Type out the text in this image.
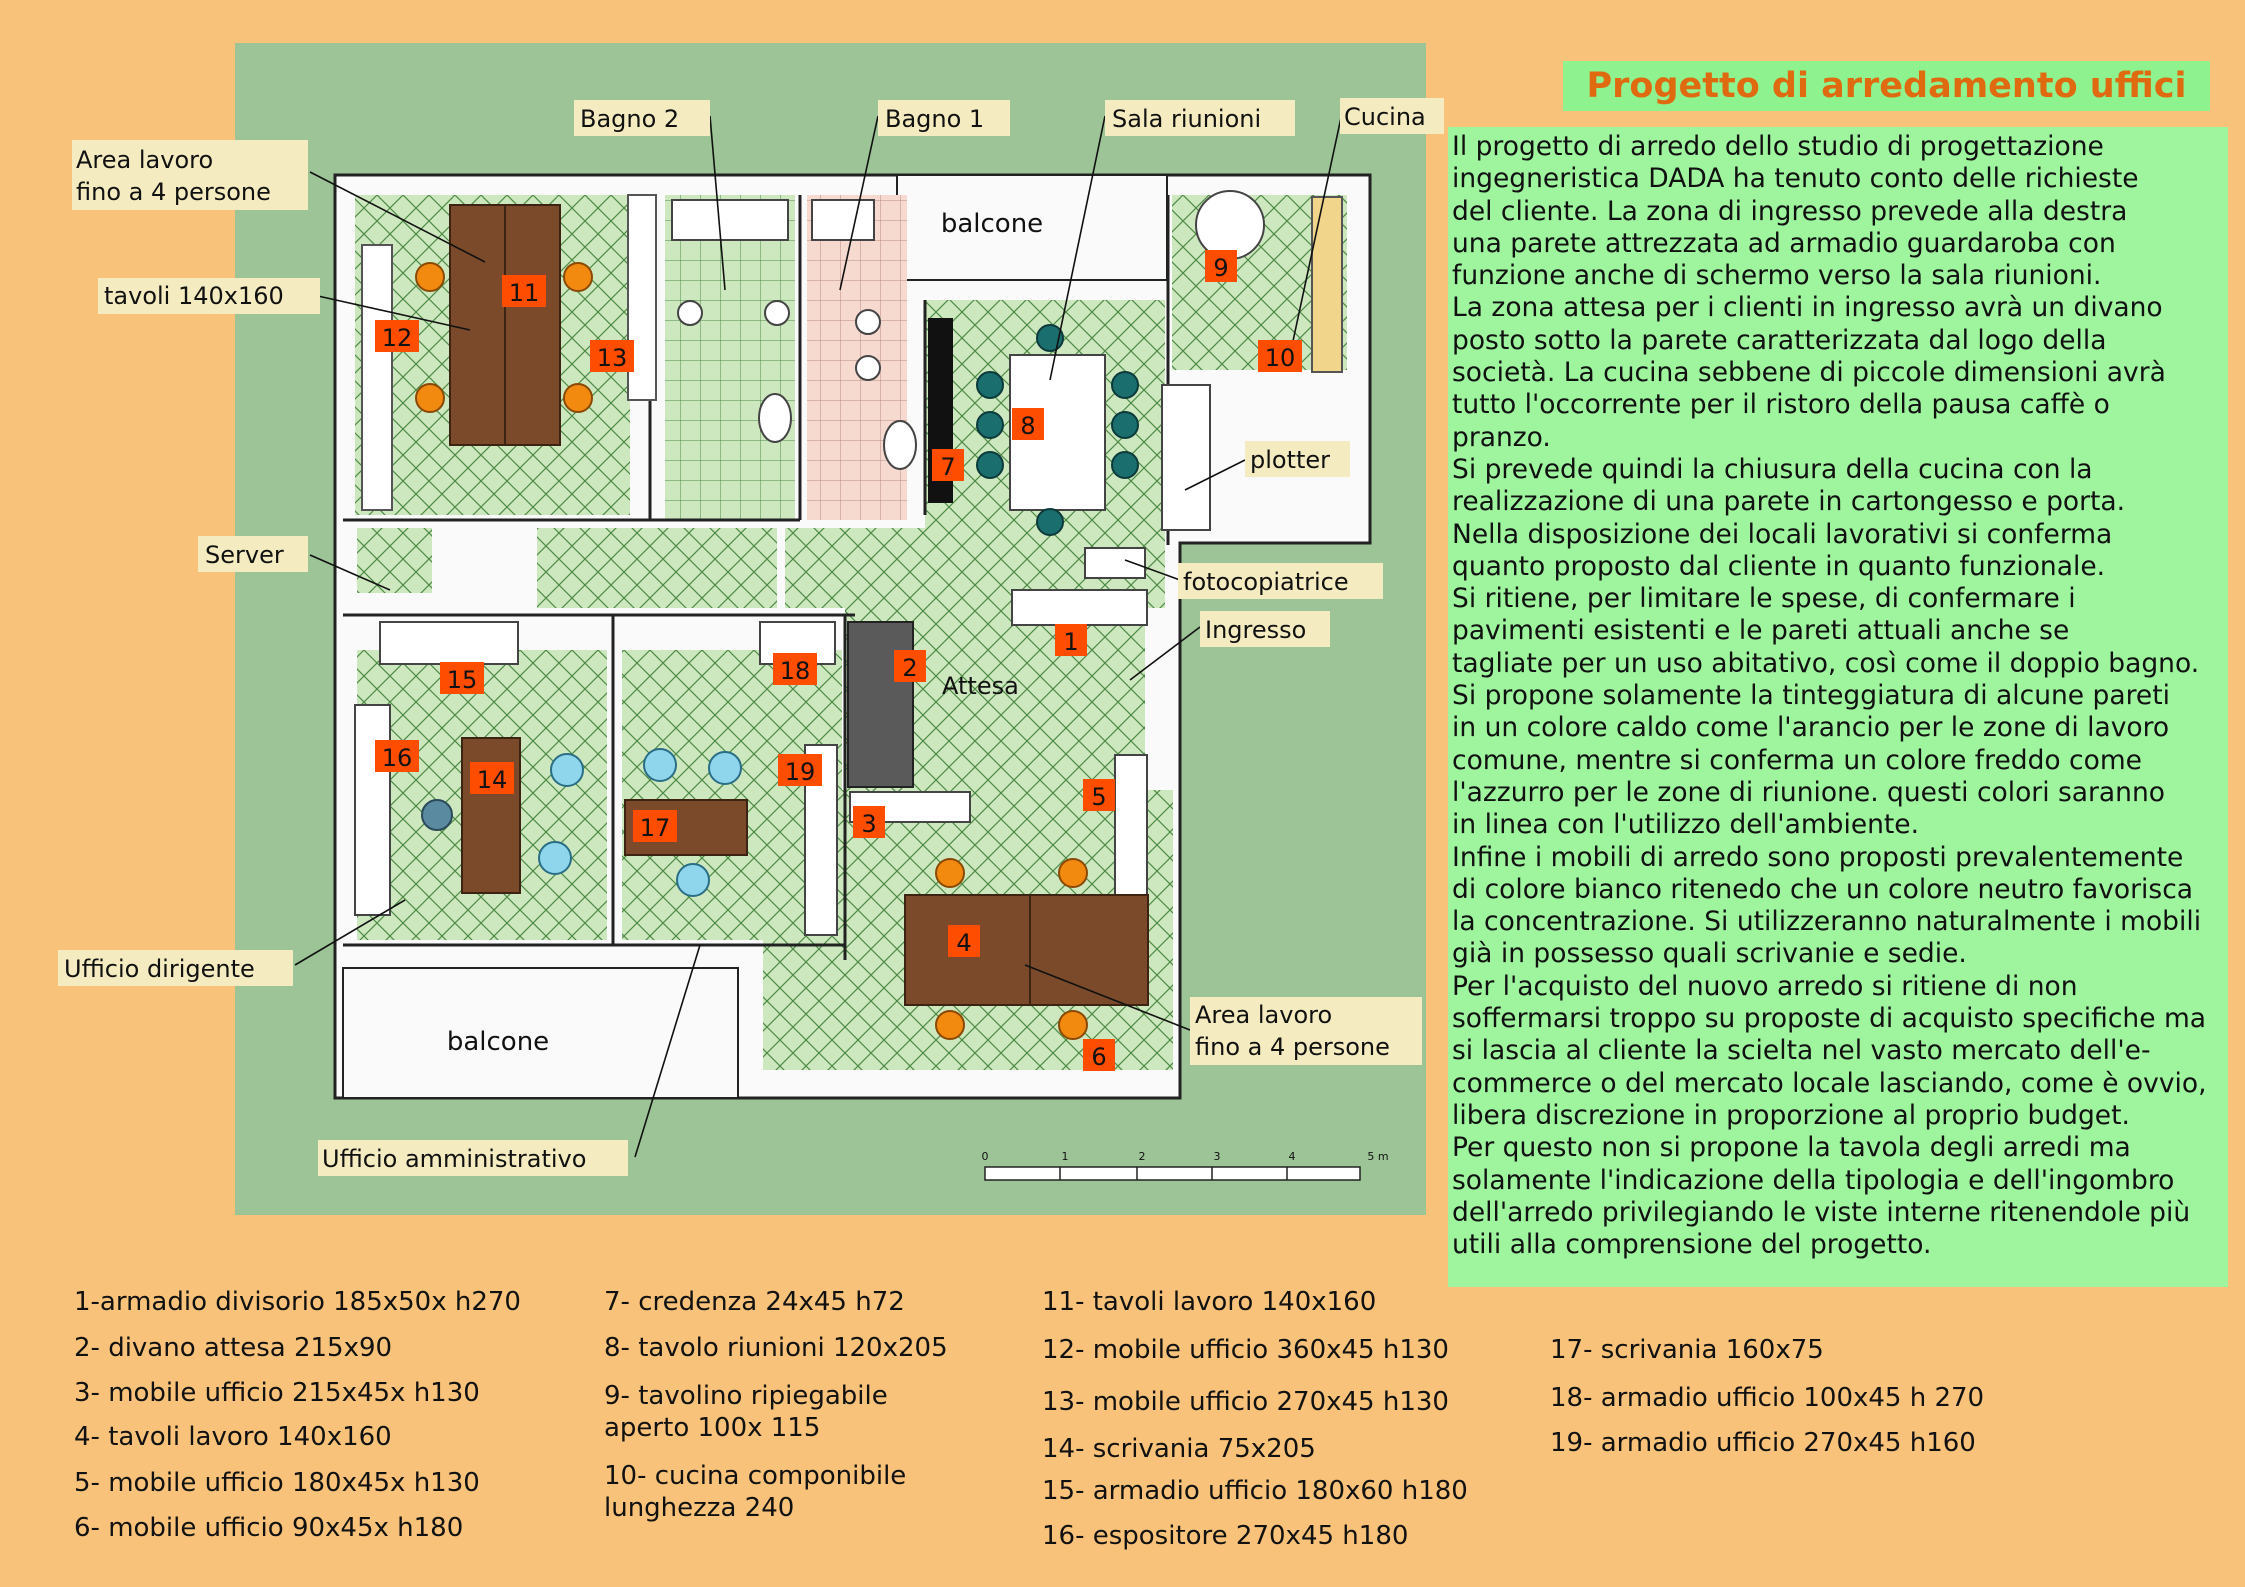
0	1	2	3	4	5 m
balcone
balcone
Attesa
Area lavoro fino a 4 persone
tavoli 140x160
Bagno 2	Bagno 1	Sala riunioni	Cucina
plotter
Server
fotocopiatrice
Ingresso
Ufficio dirigente
Area lavoro fino a 4 persone
Ufficio amministrativo
1
2
3
4
5
6
7
8
9
10
11
12
13
14
15
16
17
18
19
Progetto di arredamento uffici
Il progetto di arredo dello studio di progettazione
ingegneristica DADA ha tenuto conto delle richieste
del cliente. La zona di ingresso prevede alla destra
una parete attrezzata ad armadio guardaroba con
funzione anche di schermo verso la sala riunioni.
La zona attesa per i clienti in ingresso avrà un divano
posto sotto la parete caratterizzata dal logo della
società. La cucina sebbene di piccole dimensioni avrà
tutto l'occorrente per il ristoro della pausa caffè o
pranzo.
Si prevede quindi la chiusura della cucina con la
realizzazione di una parete in cartongesso e porta.
Nella disposizione dei locali lavorativi si conferma
quanto proposto dal cliente in quanto funzionale.
Si ritiene, per limitare le spese, di confermare i
pavimenti esistenti e le pareti attuali anche se
tagliate per un uso abitativo, così come il doppio bagno.
Si propone solamente la tinteggiatura di alcune pareti
in un colore caldo come l'arancio per le zone di lavoro
comune, mentre si conferma un colore freddo come
l'azzurro per le zone di riunione. questi colori saranno
in linea con l'utilizzo dell'ambiente.
Infine i mobili di arredo sono proposti prevalentemente
di colore bianco ritenedo che un colore neutro favorisca
la concentrazione. Si utilizzeranno naturalmente i mobili
già in possesso quali scrivanie e sedie.
Per l'acquisto del nuovo arredo si ritiene di non
soffermarsi troppo su proposte di acquisto specifiche ma
si lascia al cliente la scielta nel vasto mercato dell'e-
commerce o del mercato locale lasciando, come è ovvio,
libera discrezione in proporzione al proprio budget.
Per questo non si propone la tavola degli arredi ma
solamente l'indicazione della tipologia e dell'ingombro
dell'arredo privilegiando le viste interne ritenendole più
utili alla comprensione del progetto.
1-armadio divisorio 185x50x h270
2- divano attesa 215x90
3- mobile ufficio 215x45x h130
4- tavoli lavoro 140x160
5- mobile ufficio 180x45x h130
6- mobile ufficio 90x45x h180
7- credenza 24x45 h72
8- tavolo riunioni 120x205
9- tavolino ripiegabile
aperto 100x 115
10- cucina componibile
lunghezza 240
11- tavoli lavoro 140x160
12- mobile ufficio 360x45 h130
13- mobile ufficio 270x45 h130
14- scrivania 75x205
15- armadio ufficio 180x60 h180
16- espositore 270x45 h180
17- scrivania 160x75
18- armadio ufficio 100x45 h 270
19- armadio ufficio 270x45 h160
